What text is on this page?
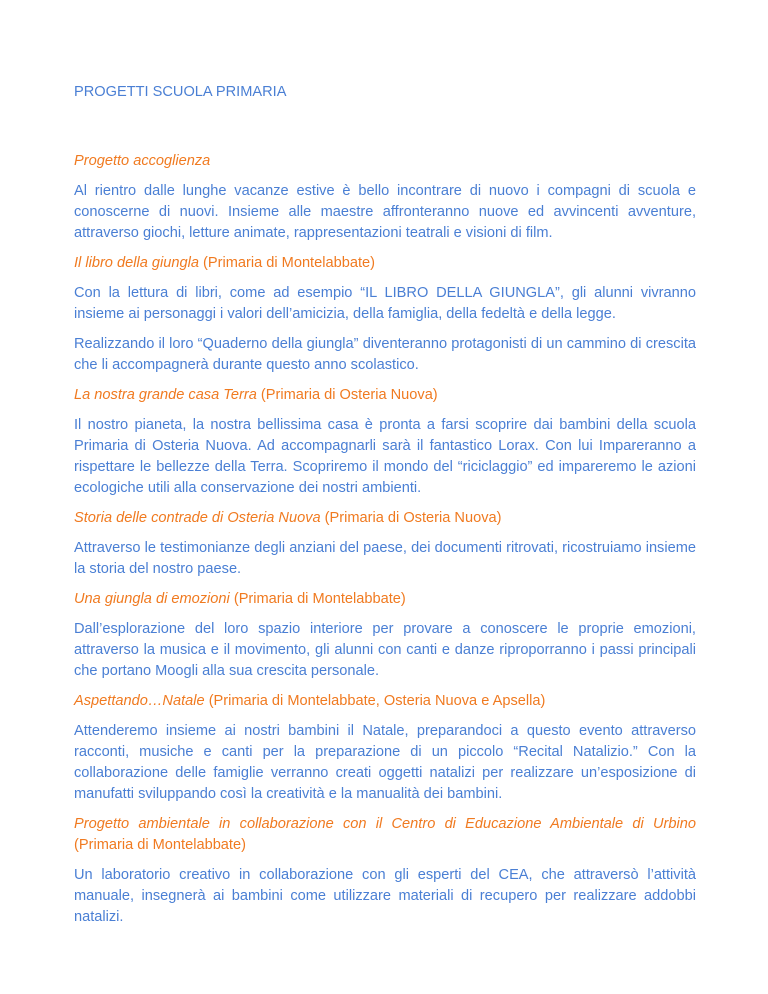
PROGETTI SCUOLA PRIMARIA

Progetto accoglienza

Al rientro dalle lunghe vacanze estive è bello incontrare di nuovo i compagni di scuola e conoscerne di nuovi. Insieme alle maestre affronteranno nuove ed avvincenti avventure, attraverso giochi, letture animate, rappresentazioni teatrali e visioni di film.

Il libro della giungla (Primaria di Montelabbate)

Con la lettura di libri, come ad esempio “IL LIBRO DELLA GIUNGLA”, gli alunni vivranno insieme ai personaggi i valori dell’amicizia, della famiglia, della fedeltà e della legge.

Realizzando il loro “Quaderno della giungla” diventeranno protagonisti di un cammino di crescita che li accompagnerà durante questo anno scolastico.

La nostra grande casa Terra (Primaria di Osteria Nuova)

Il nostro pianeta, la nostra bellissima casa è pronta a farsi scoprire dai bambini della scuola Primaria di Osteria Nuova. Ad accompagnarli sarà il fantastico Lorax. Con lui Impareranno a rispettare le bellezze della Terra. Scopriremo il mondo del “riciclaggio” ed impareremo le azioni ecologiche utili alla conservazione dei nostri ambienti.

Storia delle contrade di Osteria Nuova (Primaria di Osteria Nuova)

Attraverso le testimonianze degli anziani del paese, dei documenti ritrovati, ricostruiamo insieme la storia del nostro paese.

Una giungla di emozioni (Primaria di Montelabbate)

Dall’esplorazione del loro spazio interiore per provare a conoscere le proprie emozioni, attraverso la musica e il movimento, gli alunni con canti e danze riproporranno i passi principali che portano Moogli alla sua crescita personale.

Aspettando…Natale (Primaria di Montelabbate, Osteria Nuova e Apsella)

Attenderemo insieme ai nostri bambini il Natale, preparandoci a questo evento attraverso racconti, musiche e canti per la preparazione di un piccolo “Recital Natalizio.” Con la collaborazione delle famiglie verranno creati oggetti natalizi per realizzare un’esposizione di manufatti sviluppando così la creatività e la manualità dei bambini.

Progetto ambientale in collaborazione con il Centro di Educazione Ambientale di Urbino (Primaria di Montelabbate)

Un laboratorio creativo in collaborazione con gli esperti del CEA, che attraversò l’attività manuale, insegnerà ai bambini come utilizzare materiali di recupero per realizzare addobbi natalizi.
